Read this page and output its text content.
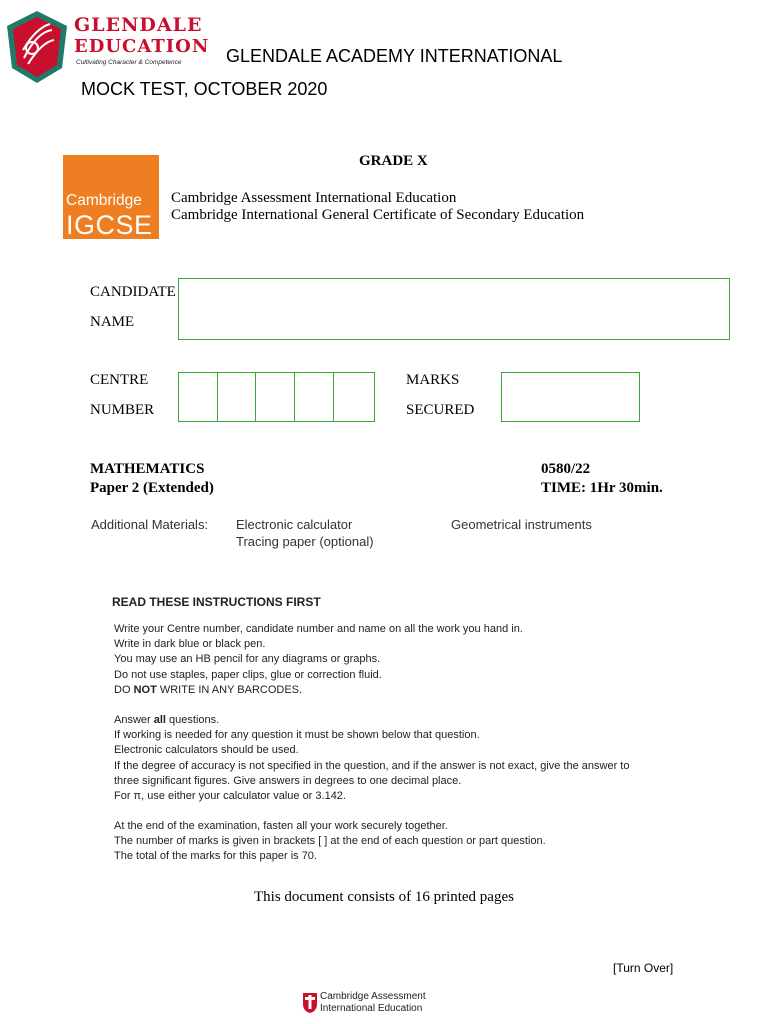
GLENDALE
EDUCATION
Cultivating Character & Competence GLENDALE ACADEMY INTERNATIONAL
MOCK TEST, OCTOBER 2020
GRADE X
Cambridge
IGCSE
Cambridge Assessment International Education
Cambridge International General Certificate of Secondary Education
CANDIDATE
NAME
CENTRE
NUMBER
MARKS
SECURED
MATHEMATICS
Paper 2 (Extended)
0580/22
TIME: 1Hr 30min.
Additional Materials: Electronic calculator
Tracing paper (optional)
Geometrical instruments
READ THESE INSTRUCTIONS FIRST

Write your Centre number, candidate number and name on all the work you hand in.

Write in dark blue or black pen.

You may use an HB pencil for any diagrams or graphs.

Do not use staples, paper clips, glue or correction fluid.

DO NOT WRITE IN ANY BARCODES.

Answer all questions.

If working is needed for any question it must be shown below that question.

Electronic calculators should be used.

If the degree of accuracy is not specified in the question, and if the answer is not exact, give the answer to

three significant figures. Give answers in degrees to one decimal place.

For π, use either your calculator value or 3.142.

At the end of the examination, fasten all your work securely together.

The number of marks is given in brackets [ ] at the end of each question or part question.

The total of the marks for this paper is 70.

This document consists of 16 printed pages
[Turn Over]
Cambridge Assessment
International Education
